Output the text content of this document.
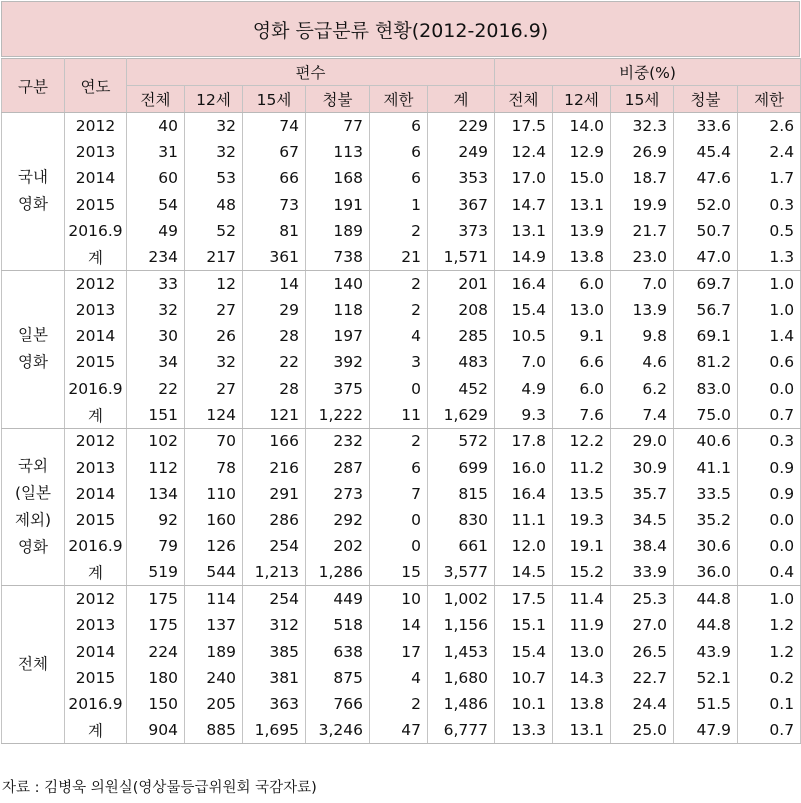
영화 등급분류 현황(2012-2016.9)
구분	연도	편수						비중(%)				
		전체	12세	15세	청불	제한	계	전체	12세	15세	청불	제한
국내
영화	2012	40	32	74	77	6	229	17.5	14.0	32.3	33.6	2.6
	2013	31	32	67	113	6	249	12.4	12.9	26.9	45.4	2.4
	2014	60	53	66	168	6	353	17.0	15.0	18.7	47.6	1.7
	2015	54	48	73	191	1	367	14.7	13.1	19.9	52.0	0.3
	2016.9	49	52	81	189	2	373	13.1	13.9	21.7	50.7	0.5
	계	234	217	361	738	21	1,571	14.9	13.8	23.0	47.0	1.3
일본
영화	2012	33	12	14	140	2	201	16.4	6.0	7.0	69.7	1.0
	2013	32	27	29	118	2	208	15.4	13.0	13.9	56.7	1.0
	2014	30	26	28	197	4	285	10.5	9.1	9.8	69.1	1.4
	2015	34	32	22	392	3	483	7.0	6.6	4.6	81.2	0.6
	2016.9	22	27	28	375	0	452	4.9	6.0	6.2	83.0	0.0
	계	151	124	121	1,222	11	1,629	9.3	7.6	7.4	75.0	0.7
국외
(일본
제외)
영화	2012	102	70	166	232	2	572	17.8	12.2	29.0	40.6	0.3
	2013	112	78	216	287	6	699	16.0	11.2	30.9	41.1	0.9
	2014	134	110	291	273	7	815	16.4	13.5	35.7	33.5	0.9
	2015	92	160	286	292	0	830	11.1	19.3	34.5	35.2	0.0
	2016.9	79	126	254	202	0	661	12.0	19.1	38.4	30.6	0.0
	계	519	544	1,213	1,286	15	3,577	14.5	15.2	33.9	36.0	0.4
전체	2012	175	114	254	449	10	1,002	17.5	11.4	25.3	44.8	1.0
	2013	175	137	312	518	14	1,156	15.1	11.9	27.0	44.8	1.2
	2014	224	189	385	638	17	1,453	15.4	13.0	26.5	43.9	1.2
	2015	180	240	381	875	4	1,680	10.7	14.3	22.7	52.1	0.2
	2016.9	150	205	363	766	2	1,486	10.1	13.8	24.4	51.5	0.1
	계	904	885	1,695	3,246	47	6,777	13.3	13.1	25.0	47.9	0.7
자료 : 김병욱 의원실(영상물등급위원회 국감자료)
